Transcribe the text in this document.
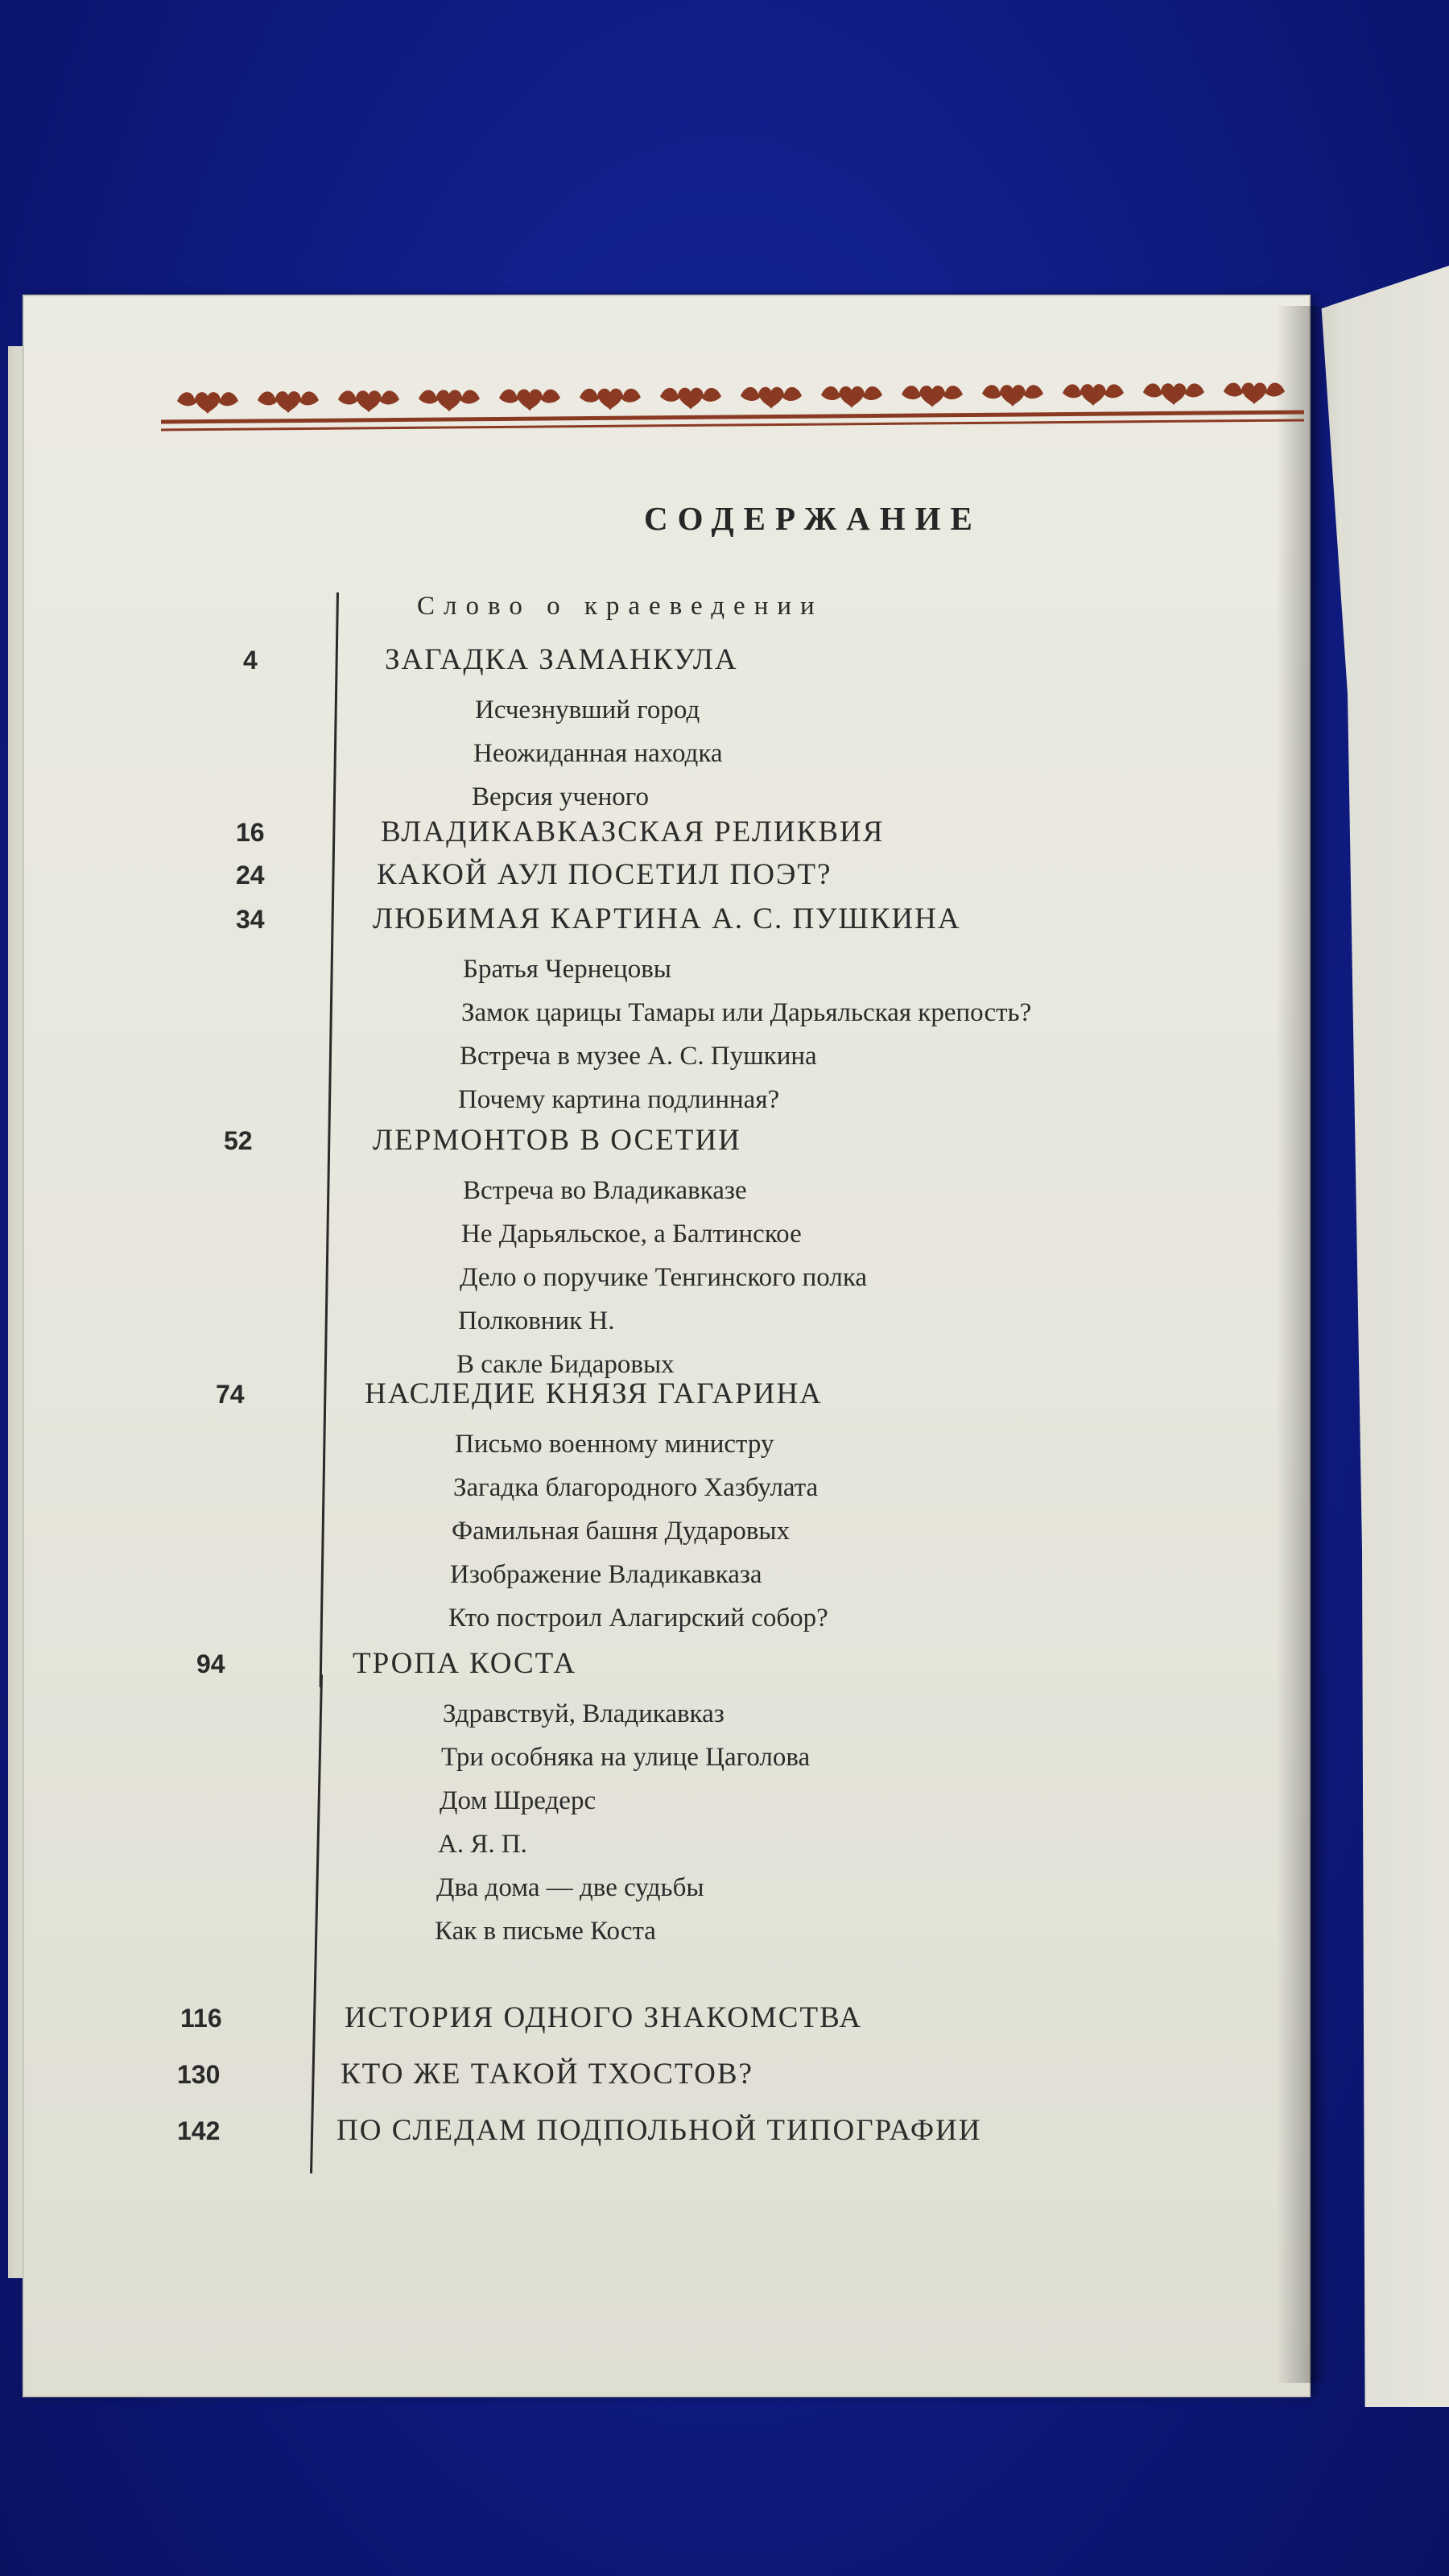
СОДЕРЖАНИЕ
Слово о краеведении
4	ЗАГАДКА ЗАМАНКУЛА
Исчезнувший город
Неожиданная находка
Версия ученого
16	ВЛАДИКАВКАЗСКАЯ РЕЛИКВИЯ
24	КАКОЙ АУЛ ПОСЕТИЛ ПОЭТ?
34	ЛЮБИМАЯ КАРТИНА А. С. ПУШКИНА
Братья Чернецовы
Замок царицы Тамары или Дарьяльская крепость?
Встреча в музее А. С. Пушкина
Почему картина подлинная?
52	ЛЕРМОНТОВ В ОСЕТИИ
Встреча во Владикавказе
Не Дарьяльское, а Балтинское
Дело о поручике Тенгинского полка
Полковник Н.
В сакле Бидаровых
74	НАСЛЕДИЕ КНЯЗЯ ГАГАРИНА
Письмо военному министру
Загадка благородного Хазбулата
Фамильная башня Дударовых
Изображение Владикавказа
Кто построил Алагирский собор?
94	ТРОПА КОСТА
Здравствуй, Владикавказ
Три особняка на улице Цаголова
Дом Шредерс
А. Я. П.
Два дома — две судьбы
Как в письме Коста
116	ИСТОРИЯ ОДНОГО ЗНАКОМСТВА
130	КТО ЖЕ ТАКОЙ ТХОСТОВ?
142	ПО СЛЕДАМ ПОДПОЛЬНОЙ ТИПОГРАФИИ
